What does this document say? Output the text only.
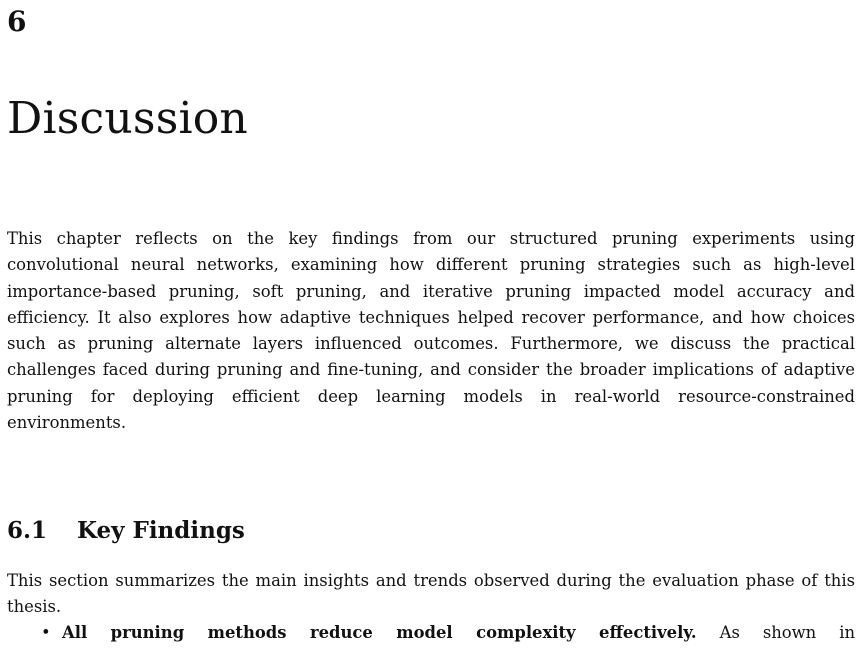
6
Discussion

This chapter reflects on the key findings from our structured pruning experiments using convolutional neural networks, examining how different pruning strategies such as high-level importance-based pruning, soft pruning, and iterative pruning impacted model accuracy and efficiency. It also explores how adaptive techniques helped recover performance, and how choices such as pruning alternate layers influenced outcomes. Furthermore, we discuss the practical challenges faced during pruning and fine-tuning, and consider the broader implications of adaptive pruning for deploying efficient deep learning models in real-world resource-constrained environments.

6.1 Key Findings

This section summarizes the main insights and trends observed during the evaluation phase of this thesis.

• All pruning methods reduce model complexity effectively. As shown in
